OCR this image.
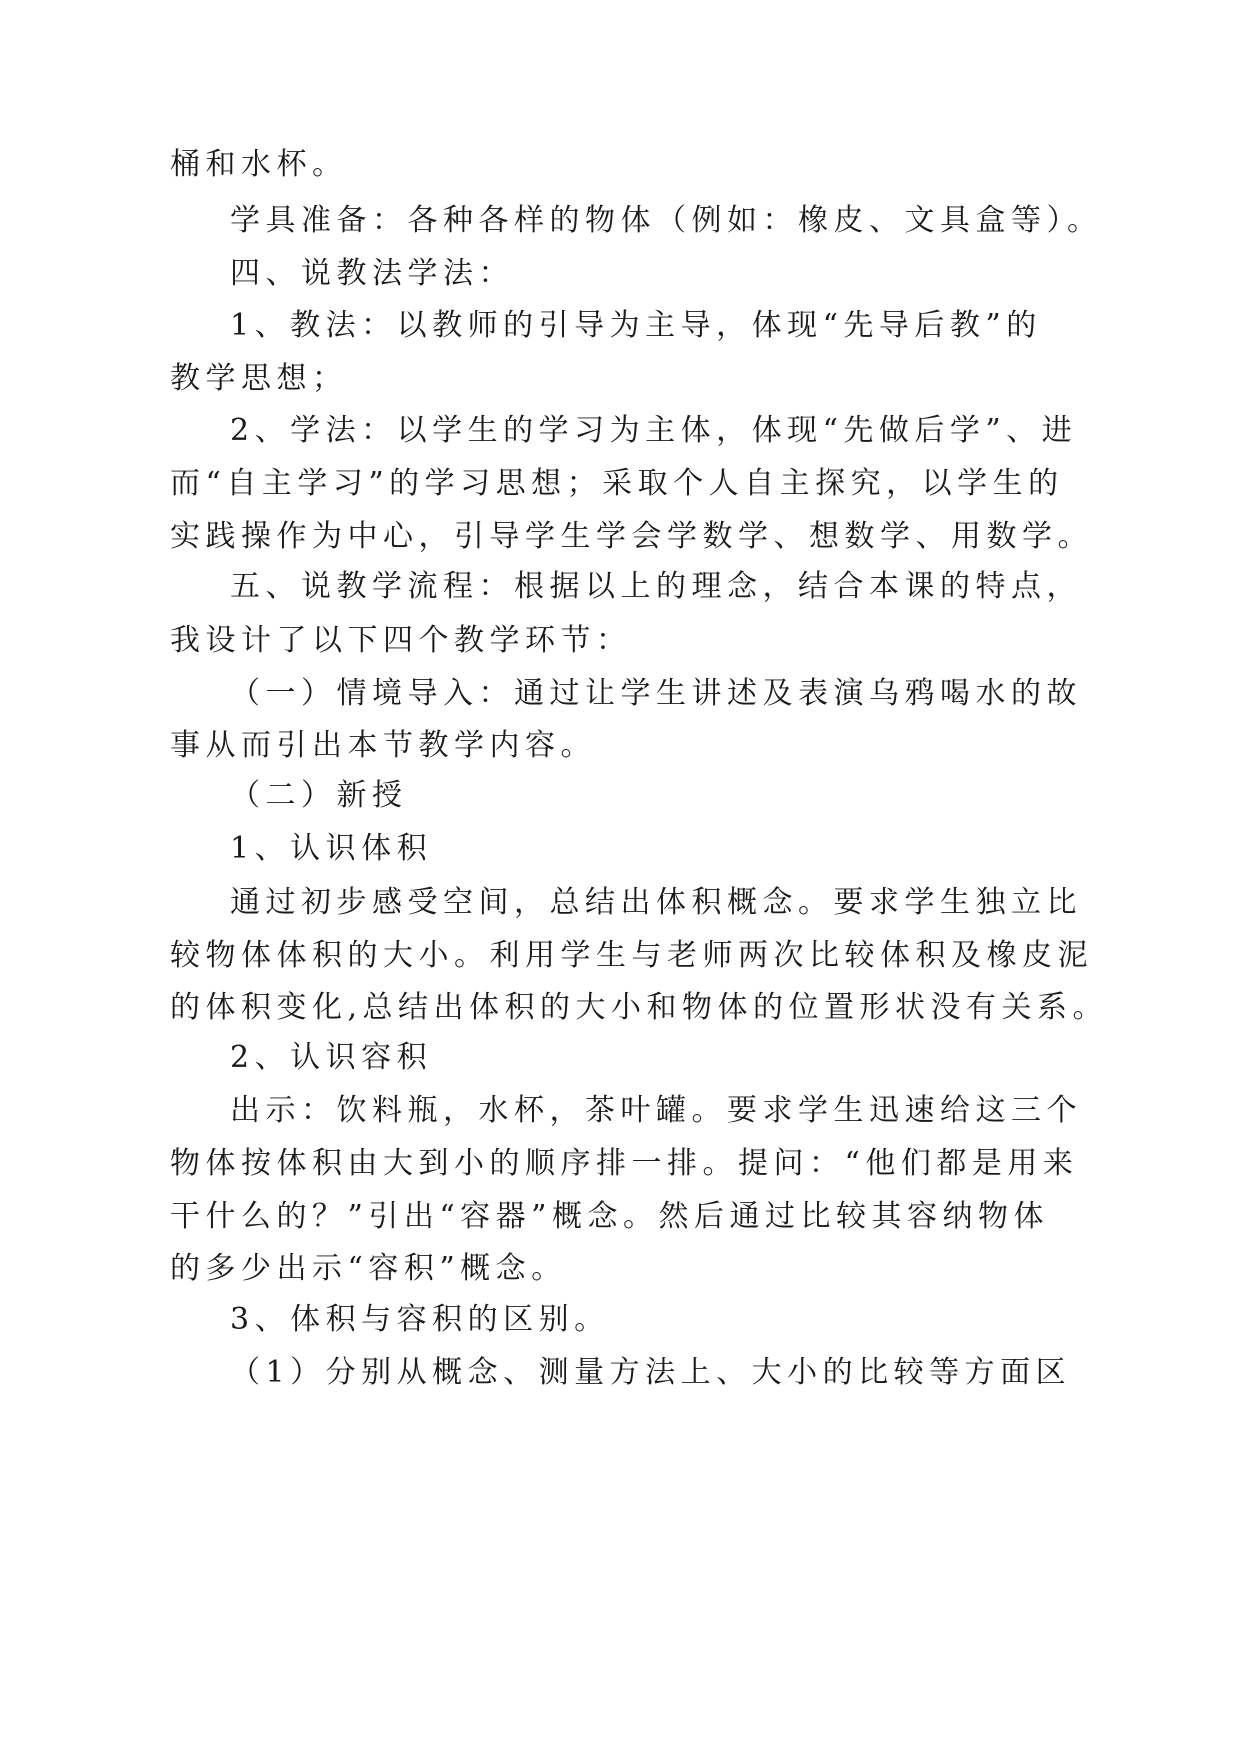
桶和水杯。
学具准备：各种各样的物体（例如：橡皮、文具盒等）。
四、说教法学法：
1、教法：以教师的引导为主导，体现“先导后教”的
教学思想；
2、学法：以学生的学习为主体，体现“先做后学”、进
而“自主学习”的学习思想；采取个人自主探究，以学生的
实践操作为中心，引导学生学会学数学、想数学、用数学。
五、说教学流程：根据以上的理念，结合本课的特点，
我设计了以下四个教学环节：
（一）情境导入：通过让学生讲述及表演乌鸦喝水的故
事从而引出本节教学内容。
（二）新授
1、认识体积
通过初步感受空间，总结出体积概念。要求学生独立比
较物体体积的大小。利用学生与老师两次比较体积及橡皮泥
的体积变化,总结出体积的大小和物体的位置形状没有关系。
2、认识容积
出示：饮料瓶，水杯，茶叶罐。要求学生迅速给这三个
物体按体积由大到小的顺序排一排。提问：“他们都是用来
干什么的？”引出“容器”概念。然后通过比较其容纳物体
的多少出示“容积”概念。
3、体积与容积的区别。
（1）分别从概念、测量方法上、大小的比较等方面区
